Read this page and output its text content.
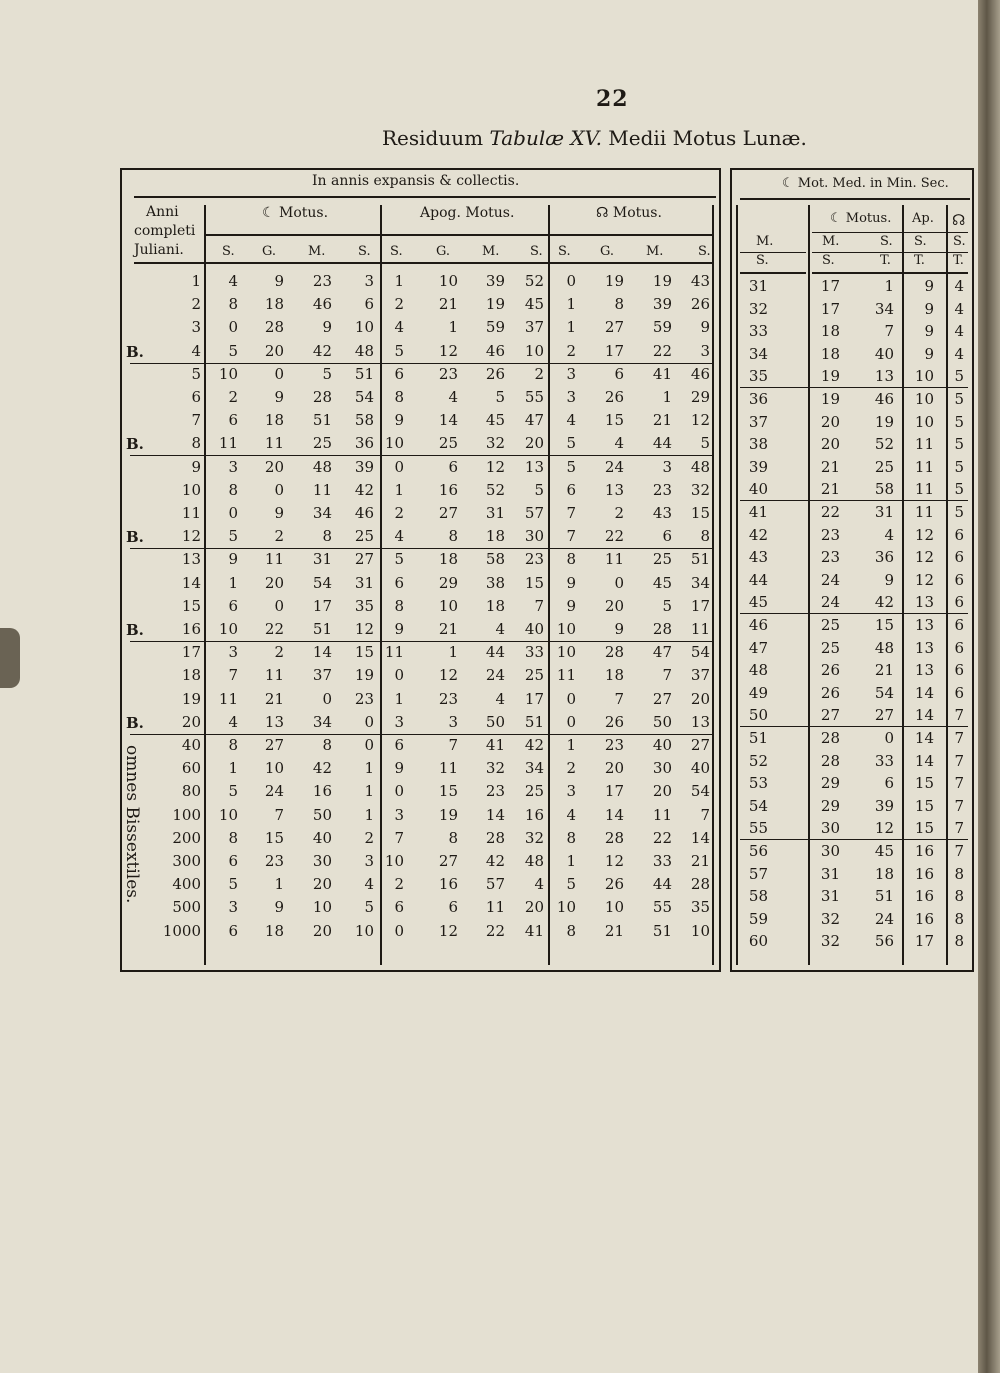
22
Residuum Tabulæ XV. Medii Motus Lunæ.
In annis expansis & collectis.	☾ Mot. Med. in Min. Sec.
Anni
completi
Juliani.
☾ Motus.	Apog. Motus.	☊ Motus.
S. G. M.	S. S.	G. M. S. S. G. M.	S.
M.
S.
☾ Motus.
M.	S.
S.	T.
Ap.
S.
T.
☊
S.
T.
omnes Bissextiles.
1 4 9 23 3 1 10 39 52 0 19 19 43
2 8 18 46 6 2 21 19 45 1	8 39 26
3 0 28	9 10 4	1 59 37 1 27 59 9
4 5 20 42 48 5 12 46 10 2 17 22 3
B.
5 10 0	5 51 6 23 26 2 3	6 41 46
6 2 9 28 54 8	4 5 55 3 26	1 29
7 6 18 51 58 9 14 45 47 4 15 21 12
8 11 11 25 36 10 25 32 20 5	4 44 5
B.
9 3 20 48 39 0	6 12 13 5 24	3 48
10 8 0 11 42 1 16 52 5 6 13 23 32
11 0 9 34 46 2 27 31 57 7	2 43 15
12 5 2	8 25 4	8 18 30 7 22	6 8
B.
13 9 11 31 27 5 18 58 23 8 11 25 51
14 1 20 54 31 6 29 38 15 9	0 45 34
15 6 0 17 35 8 10 18 7 9 20	5 17
16 10 22 51 12 9 21 4 40 10	9 28 11
B.
17 3 2 14 15 11	1 44 33 10 28 47 54
18 7 11 37 19 0 12 24 25 11 18	7 37
19 11 21	0 23 1 23 4 17 0	7 27 20
20 4 13 34 0 3	3 50 51 0 26 50 13
B.
40 8 27	8 0 6	7 41 42 1 23 40 27
60 1 10 42 1 9 11 32 34 2 20 30 40
80 5 24 16 1 0 15 23 25 3 17 20 54
100 10 7 50 1 3 19 14 16 4 14 11 7
200 8 15 40 2 7	8 28 32 8 28 22 14
300 6 23 30 3 10 27 42 48 1 12 33 21
400 5 1 20 4 2 16 57 4 5 26 44 28
500 3 9 10 5 6	6 11 20 10 10 55 35
1000 6 18 20 10 0 12 22 41 8 21 51 10
31	17	1 9 4
32	17 34 9 4
33	18	7 9 4
34	18 40 9 4
35	19 13 10 5
36	19 46 10 5
37	20 19 10 5
38	20 52 11 5
39	21 25 11 5
40	21 58 11 5
41	22 31 11 5
42	23	4 12 6
43	23 36 12 6
44	24	9 12 6
45	24 42 13 6
46	25 15 13 6
47	25 48 13 6
48	26 21 13 6
49	26 54 14 6
50	27 27 14 7
51	28	0 14 7
52	28 33 14 7
53	29	6 15 7
54	29 39 15 7
55	30 12 15 7
56	30 45 16 7
57	31 18 16 8
58	31 51 16 8
59	32 24 16 8
60	32 56 17 8
